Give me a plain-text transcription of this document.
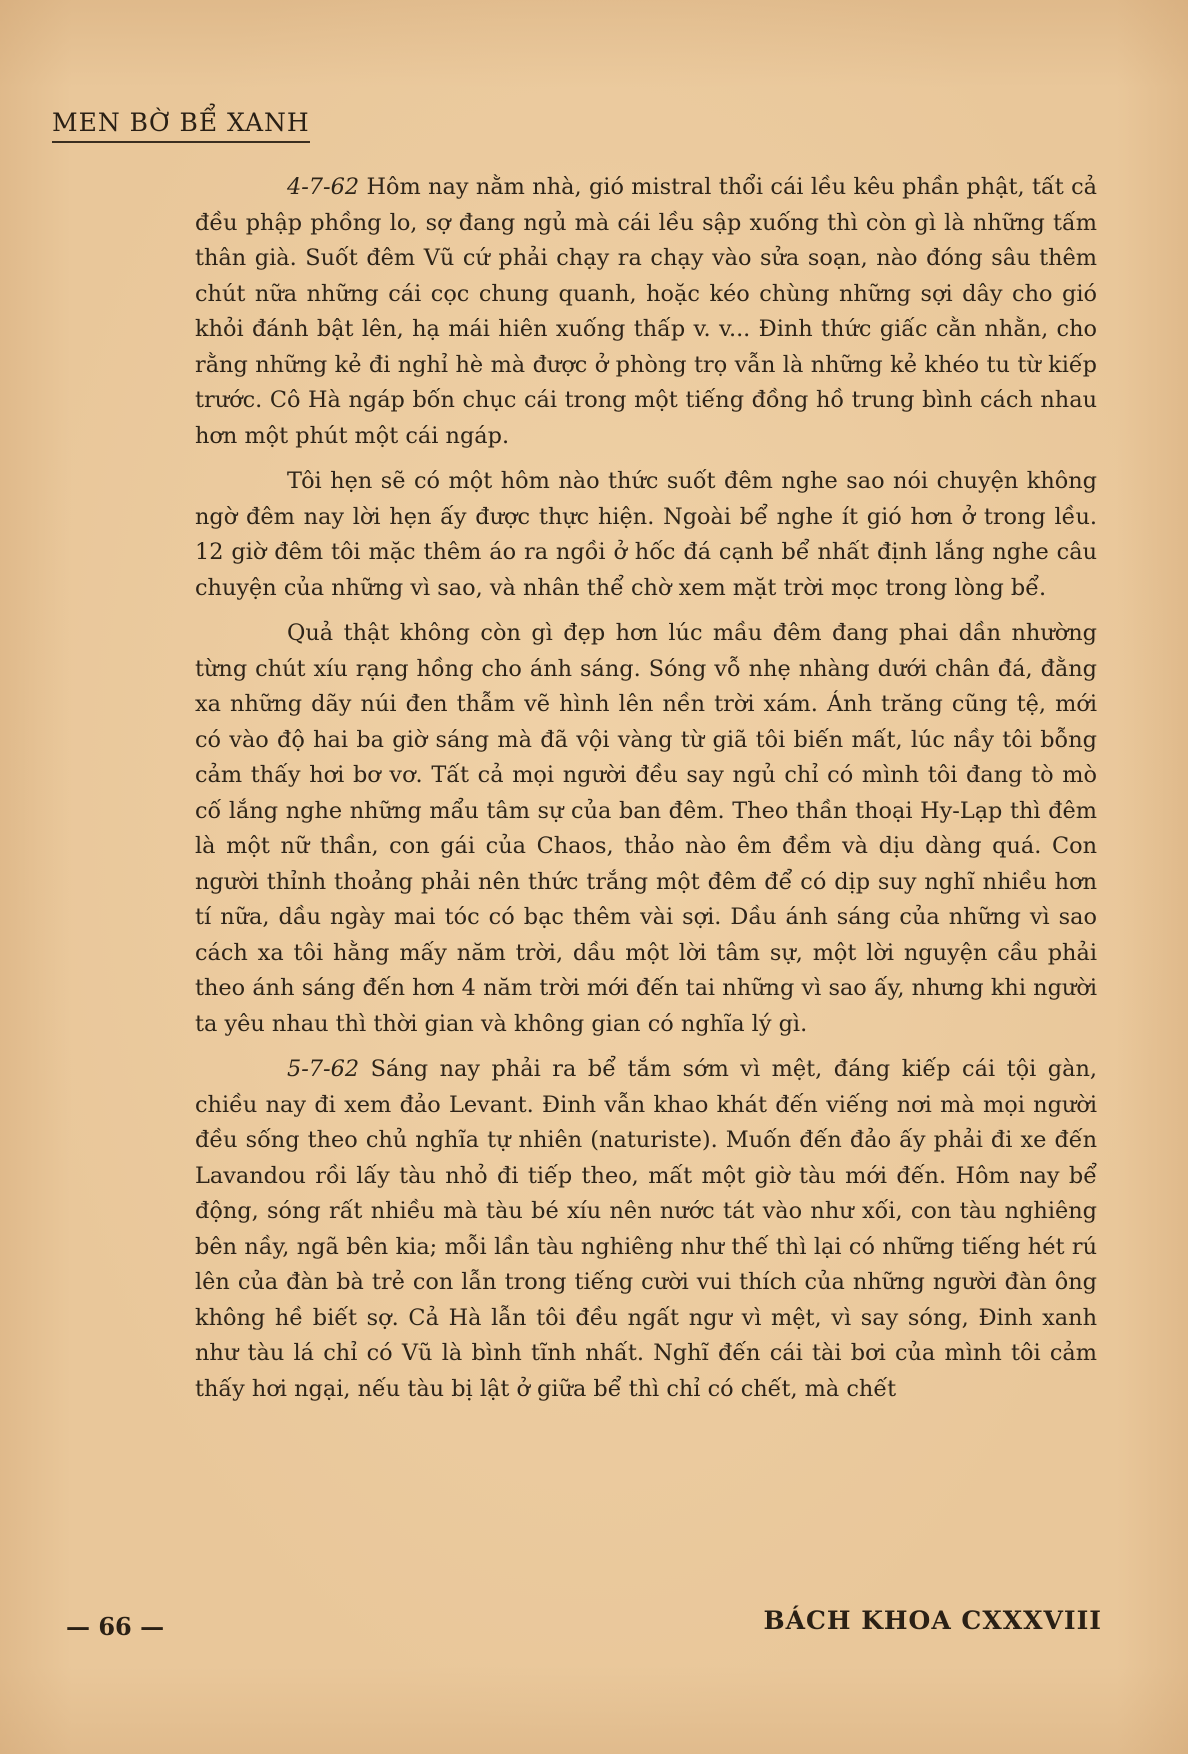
MEN BỜ BỂ XANH

4-7-62 Hôm nay nằm nhà, gió mistral thổi cái lều kêu phần phật, tất cả đều phập phồng lo, sợ đang ngủ mà cái lều sập xuống thì còn gì là những tấm thân già. Suốt đêm Vũ cứ phải chạy ra chạy vào sửa soạn, nào đóng sâu thêm chút nữa những cái cọc chung quanh, hoặc kéo chùng những sợi dây cho gió khỏi đánh bật lên, hạ mái hiên xuống thấp v. v... Đinh thức giấc cằn nhằn, cho rằng những kẻ đi nghỉ hè mà được ở phòng trọ vẫn là những kẻ khéo tu từ kiếp trước. Cô Hà ngáp bốn chục cái trong một tiếng đồng hồ trung bình cách nhau hơn một phút một cái ngáp.

Tôi hẹn sẽ có một hôm nào thức suốt đêm nghe sao nói chuyện không ngờ đêm nay lời hẹn ấy được thực hiện. Ngoài bể nghe ít gió hơn ở trong lều. 12 giờ đêm tôi mặc thêm áo ra ngồi ở hốc đá cạnh bể nhất định lắng nghe câu chuyện của những vì sao, và nhân thể chờ xem mặt trời mọc trong lòng bể.

Quả thật không còn gì đẹp hơn lúc mầu đêm đang phai dần nhường từng chút xíu rạng hồng cho ánh sáng. Sóng vỗ nhẹ nhàng dưới chân đá, đằng xa những dãy núi đen thẫm vẽ hình lên nền trời xám. Ánh trăng cũng tệ, mới có vào độ hai ba giờ sáng mà đã vội vàng từ giã tôi biến mất, lúc nầy tôi bỗng cảm thấy hơi bơ vơ. Tất cả mọi người đều say ngủ chỉ có mình tôi đang tò mò cố lắng nghe những mẩu tâm sự của ban đêm. Theo thần thoại Hy-Lạp thì đêm là một nữ thần, con gái của Chaos, thảo nào êm đềm và dịu dàng quá. Con người thỉnh thoảng phải nên thức trắng một đêm để có dịp suy nghĩ nhiều hơn tí nữa, dầu ngày mai tóc có bạc thêm vài sợi. Dầu ánh sáng của những vì sao cách xa tôi hằng mấy năm trời, dầu một lời tâm sự, một lời nguyện cầu phải theo ánh sáng đến hơn 4 năm trời mới đến tai những vì sao ấy, nhưng khi người ta yêu nhau thì thời gian và không gian có nghĩa lý gì.

5-7-62 Sáng nay phải ra bể tắm sớm vì mệt, đáng kiếp cái tội gàn, chiều nay đi xem đảo Levant. Đinh vẫn khao khát đến viếng nơi mà mọi người đều sống theo chủ nghĩa tự nhiên (naturiste). Muốn đến đảo ấy phải đi xe đến Lavandou rồi lấy tàu nhỏ đi tiếp theo, mất một giờ tàu mới đến. Hôm nay bể động, sóng rất nhiều mà tàu bé xíu nên nước tát vào như xối, con tàu nghiêng bên nầy, ngã bên kia; mỗi lần tàu nghiêng như thế thì lại có những tiếng hét rú lên của đàn bà trẻ con lẫn trong tiếng cười vui thích của những người đàn ông không hề biết sợ. Cả Hà lẫn tôi đều ngất ngư vì mệt, vì say sóng, Đinh xanh như tàu lá chỉ có Vũ là bình tĩnh nhất. Nghĩ đến cái tài bơi của mình tôi cảm thấy hơi ngại, nếu tàu bị lật ở giữa bể thì chỉ có chết, mà chết

— 66 —	BÁCH KHOA CXXXVIII
